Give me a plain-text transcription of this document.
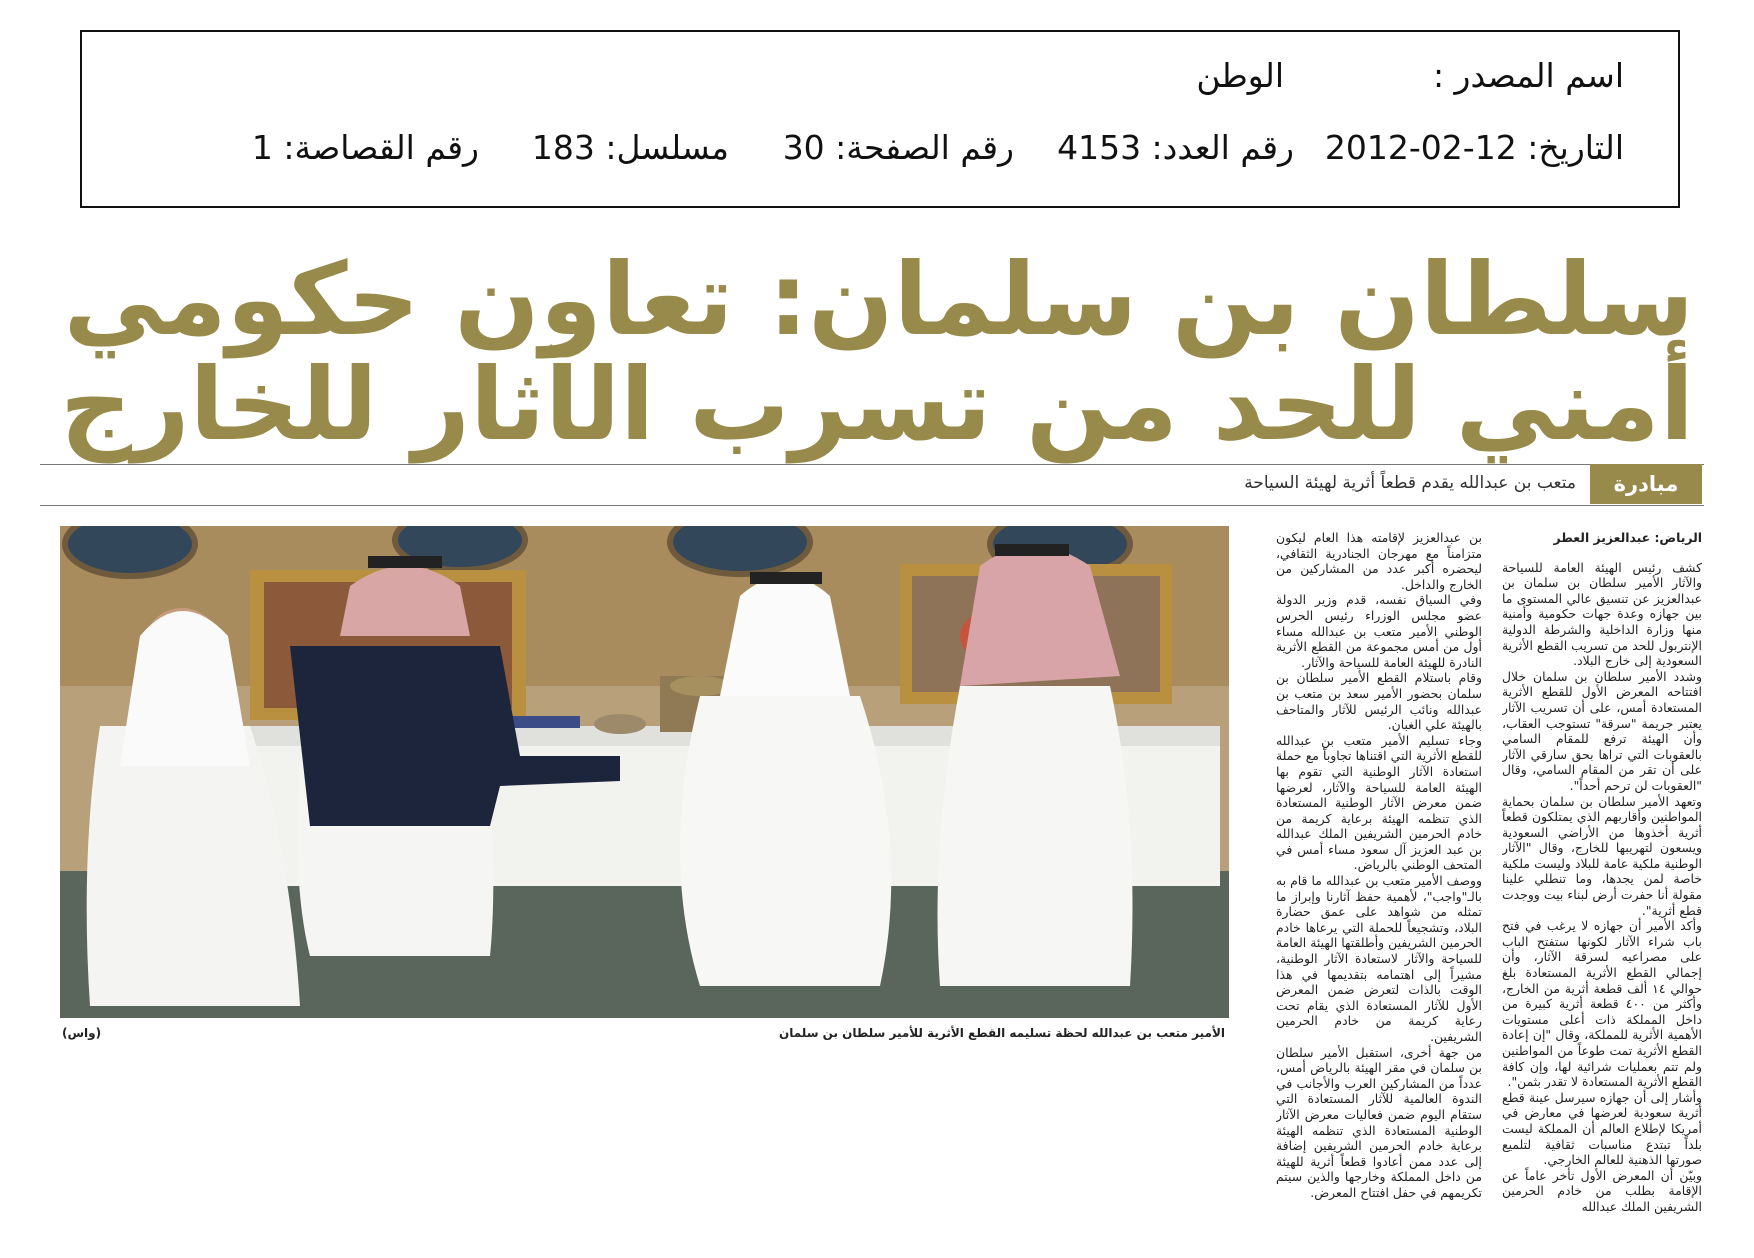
اسم المصدر :
الوطن
التاريخ: 12-02-2012
رقم العدد: 4153
رقم الصفحة: 30
مسلسل: 183
رقم القصاصة: 1
سلطان بن سلمان: تعاون حكومي
أمني للحد من تسرب الآثار للخارج
مبادرة
متعب بن عبدالله يقدم قطعاً أثرية لهيئة السياحة
الأمير متعب بن عبدالله لحظة تسليمه القطع الأثرية للأمير سلطان بن سلمان
(واس)

الرياض: عبدالعزيز العطر

كشف رئيس الهيئة العامة للسياحة والآثار الأمير سلطان بن سلمان بن عبدالعزيز عن تنسيق عالي المستوى ما بين جهازه وعدة جهات حكومية وأمنية منها وزارة الداخلية والشرطة الدولية الإنتربول للحد من تسريب القطع الأثرية السعودية إلى خارج البلاد.

وشدد الأمير سلطان بن سلمان خلال افتتاحه المعرض الأول للقطع الأثرية المستعادة أمس، على أن تسريب الآثار يعتبر جريمة "سرقة" تستوجب العقاب، وأن الهيئة ترفع للمقام السامي بالعقوبات التي تراها بحق سارقي الآثار على أن تقر من المقام السامي، وقال "العقوبات لن ترحم أحداً".

وتعهد الأمير سلطان بن سلمان بحماية المواطنين وأقاربهم الذي يمتلكون قطعاً أثرية أخذوها من الأراضي السعودية ويسعون لتهريبها للخارج، وقال "الآثار الوطنية ملكية عامة للبلاد وليست ملكية خاصة لمن يجدها، وما تنطلي علينا مقولة أنا حفرت أرض لبناء بيت ووجدت قطع أثرية".

وأكد الأمير أن جهازه لا يرغب في فتح باب شراء الآثار لكونها ستفتح الباب على مصراعيه لسرقة الآثار، وأن إجمالي القطع الأثرية المستعادة بلغ حوالي ١٤ ألف قطعة أثرية من الخارج، وأكثر من ٤٠٠ قطعة أثرية كبيرة من داخل المملكة ذات أعلى مستويات الأهمية الأثرية للمملكة، وقال "إن إعادة القطع الأثرية تمت طوعاً من المواطنين ولم تتم بعمليات شرائية لها، وإن كافة القطع الأثرية المستعادة لا تقدر بثمن".

وأشار إلى أن جهازه سيرسل عينة قطع أثرية سعودية لعرضها في معارض في أمريكا لإطلاع العالم أن المملكة ليست بلداً تبتدع مناسبات ثقافية لتلميع صورتها الذهنية للعالم الخارجي.

وبيّن أن المعرض الأول تأخر عاماً عن الإقامة بطلب من خادم الحرمين الشريفين الملك عبدالله

بن عبدالعزيز لإقامته هذا العام ليكون متزامناً مع مهرجان الجنادرية الثقافي، ليحضره أكبر عدد من المشاركين من الخارج والداخل.

وفي السياق نفسه، قدم وزير الدولة عضو مجلس الوزراء رئيس الحرس الوطني الأمير متعب بن عبدالله مساء أول من أمس مجموعة من القطع الأثرية النادرة للهيئة العامة للسياحة والآثار.

وقام باستلام القطع الأمير سلطان بن سلمان بحضور الأمير سعد بن متعب بن عبدالله ونائب الرئيس للآثار والمتاحف بالهيئة علي الغبان.

وجاء تسليم الأمير متعب بن عبدالله للقطع الأثرية التي اقتناها تجاوباً مع حملة استعادة الآثار الوطنية التي تقوم بها الهيئة العامة للسياحة والآثار، لعرضها ضمن معرض الآثار الوطنية المستعادة الذي تنظمه الهيئة برعاية كريمة من خادم الحرمين الشريفين الملك عبدالله بن عبد العزيز آل سعود مساء أمس في المتحف الوطني بالرياض.

ووصف الأمير متعب بن عبدالله ما قام به بالـ"واجب"، لأهمية حفظ آثارنا وإبراز ما تمثله من شواهد على عمق حضارة البلاد، وتشجيعاً للحملة التي يرعاها خادم الحرمين الشريفين وأطلقتها الهيئة العامة للسياحة والآثار لاستعادة الآثار الوطنية، مشيراً إلى اهتمامه بتقديمها في هذا الوقت بالذات لتعرض ضمن المعرض الأول للآثار المستعادة الذي يقام تحت رعاية كريمة من خادم الحرمين الشريفين.

من جهة أخرى، استقبل الأمير سلطان بن سلمان في مقر الهيئة بالرياض أمس، عدداً من المشاركين العرب والأجانب في الندوة العالمية للآثار المستعادة التي ستقام اليوم ضمن فعاليات معرض الآثار الوطنية المستعادة الذي تنظمه الهيئة برعاية خادم الحرمين الشريفين إضافة إلى عدد ممن أعادوا قطعاً أثرية للهيئة من داخل المملكة وخارجها والذين سيتم تكريمهم في حفل افتتاح المعرض.
